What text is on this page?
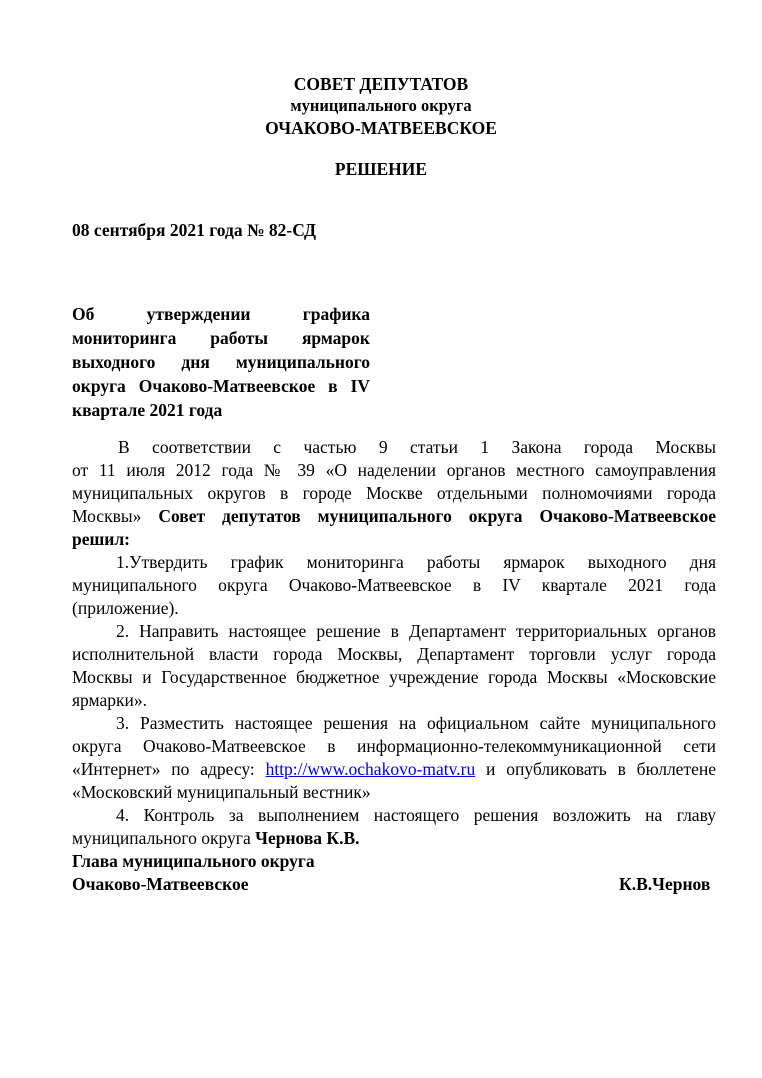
СОВЕТ ДЕПУТАТОВ
муниципального округа
ОЧАКОВО-МАТВЕЕВСКОЕ
РЕШЕНИЕ
08 сентября 2021 года № 82-СД
Об утверждении графика
мониторинга работы ярмарок
выходного дня муниципального
округа Очаково-Матвеевское в IV
квартале 2021 года
В соответствии с частью 9 статьи 1 Закона города Москвы
от 11 июля 2012 года № 39 «О наделении органов местного самоуправления
муниципальных округов в городе Москве отдельными полномочиями города
Москвы» Совет депутатов муниципального округа Очаково-Матвеевское
решил:
1.Утвердить график мониторинга работы ярмарок выходного дня
муниципального округа Очаково-Матвеевское в IV квартале 2021 года
(приложение).
2. Направить настоящее решение в Департамент территориальных органов
исполнительной власти города Москвы, Департамент торговли услуг города
Москвы и Государственное бюджетное учреждение города Москвы «Московские
ярмарки».
3. Разместить настоящее решения на официальном сайте муниципального
округа Очаково-Матвеевское в информационно-телекоммуникационной сети
«Интернет» по адресу: http://www.ochakovo-matv.ru и опубликовать в бюллетене
«Московский муниципальный вестник»
4. Контроль за выполнением настоящего решения возложить на главу
муниципального округа Чернова К.В.
Глава муниципального округа
Очаково-Матвеевское	К.В.Чернов
